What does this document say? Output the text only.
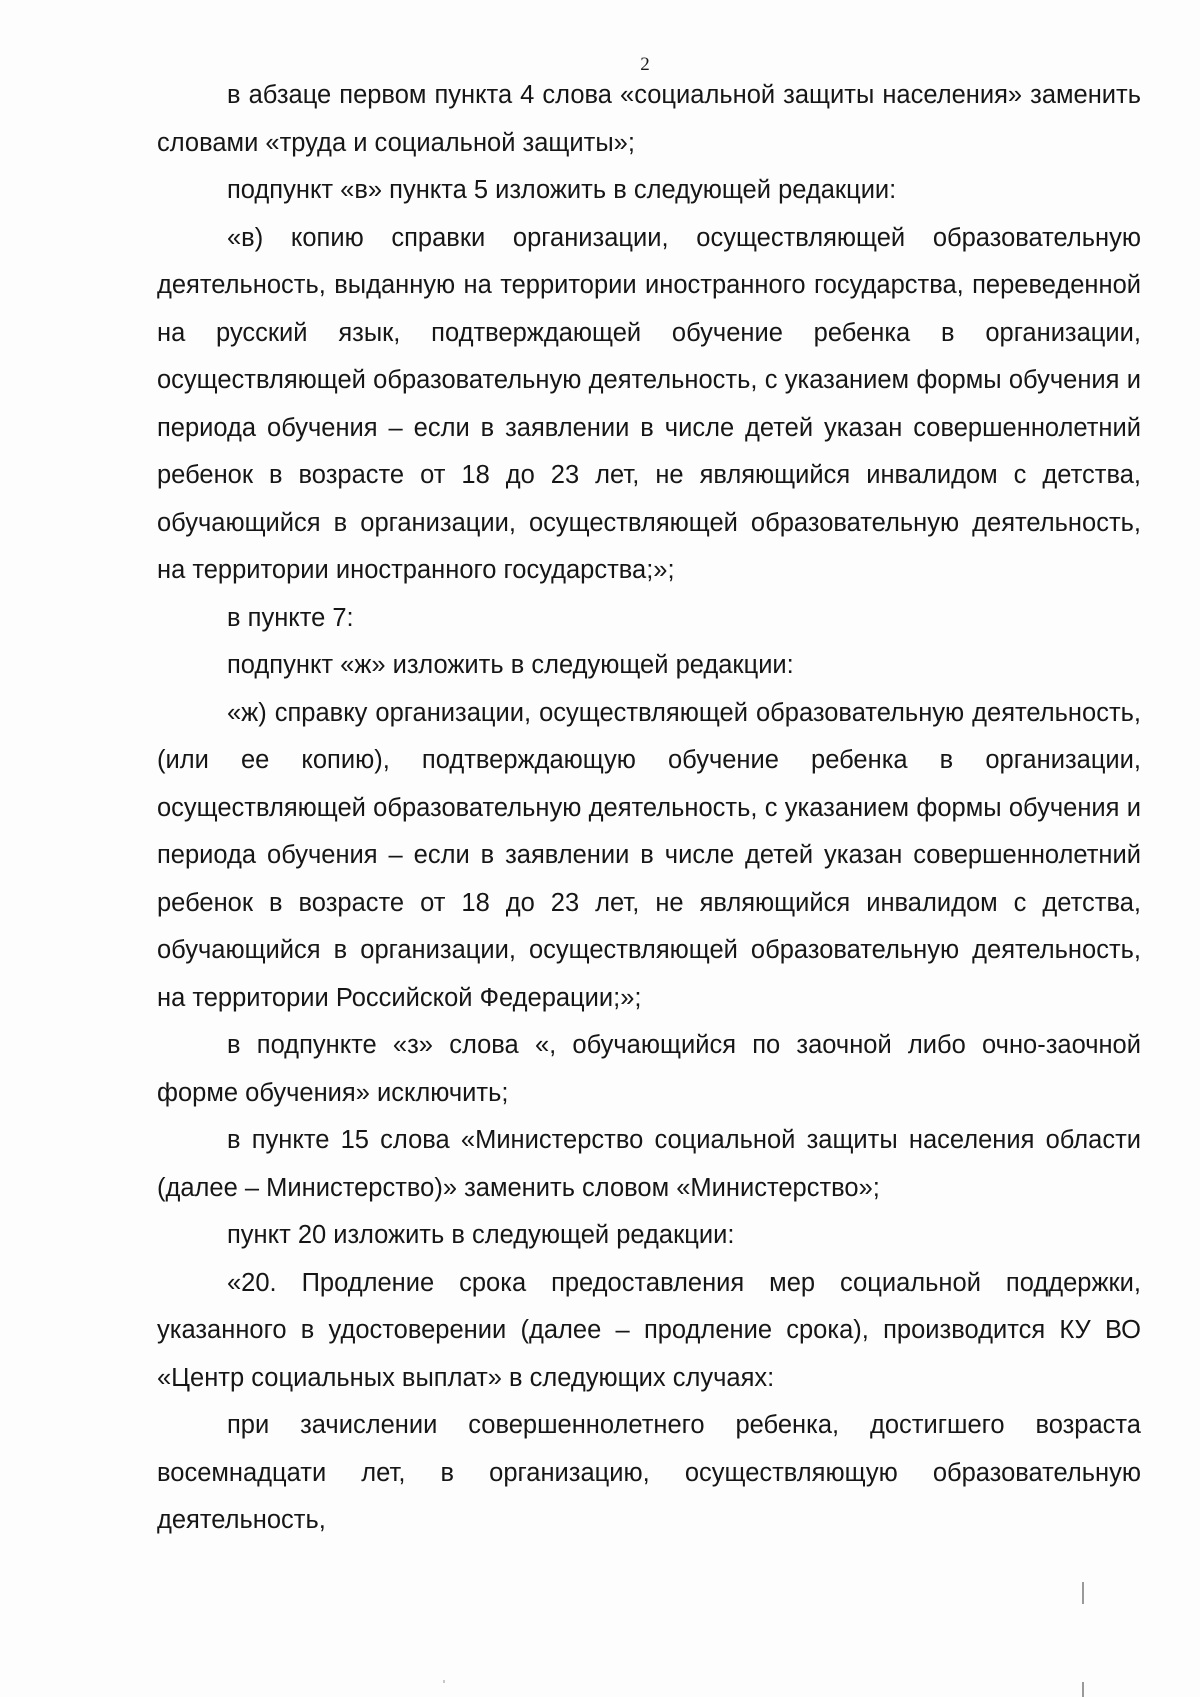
2

в абзаце первом пункта 4 слова «социальной защиты населения» заменить словами «труда и социальной защиты»;

подпункт «в» пункта 5 изложить в следующей редакции:

«в) копию справки организации, осуществляющей образовательную деятельность, выданную на территории иностранного государства, переведенной на русский язык, подтверждающей обучение ребенка в организации, осуществляющей образовательную деятельность, с указанием формы обучения и периода обучения – если в заявлении в числе детей указан совершеннолетний ребенок в возрасте от 18 до 23 лет, не являющийся инвалидом с детства, обучающийся в организации, осуществляющей образовательную деятельность, на территории иностранного государства;»;

в пункте 7:

подпункт «ж» изложить в следующей редакции:

«ж) справку организации, осуществляющей образовательную деятельность, (или ее копию), подтверждающую обучение ребенка в организации, осуществляющей образовательную деятельность, с указанием формы обучения и периода обучения – если в заявлении в числе детей указан совершеннолетний ребенок в возрасте от 18 до 23 лет, не являющийся инвалидом с детства, обучающийся в организации, осуществляющей образовательную деятельность, на территории Российской Федерации;»;

в подпункте «з» слова «, обучающийся по заочной либо очно-заочной форме обучения» исключить;

в пункте 15 слова «Министерство социальной защиты населения области (далее – Министерство)» заменить словом «Министерство»;

пункт 20 изложить в следующей редакции:

«20. Продление срока предоставления мер социальной поддержки, указанного в удостоверении (далее – продление срока), производится КУ ВО «Центр социальных выплат» в следующих случаях:

при зачислении совершеннолетнего ребенка, достигшего возраста восемнадцати лет, в организацию, осуществляющую образовательную деятельность,
